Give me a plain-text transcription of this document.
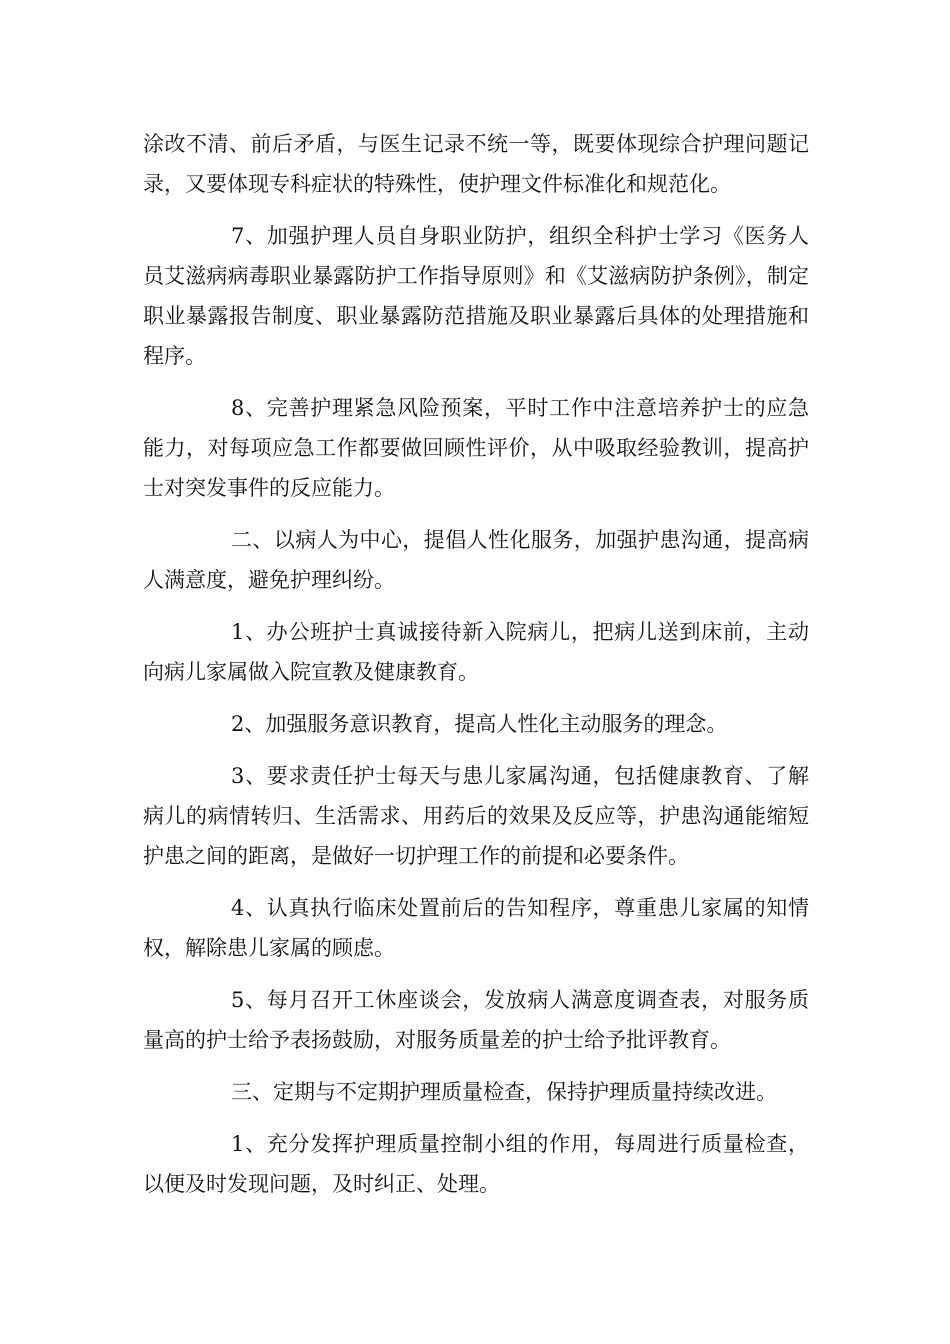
涂改不清、前后矛盾，与医生记录不统一等，既要体现综合护理问题记录，又要体现专科症状的特殊性，使护理文件标准化和规范化。

7、加强护理人员自身职业防护，组织全科护士学习《医务人员艾滋病病毒职业暴露防护工作指导原则》和《艾滋病防护条例》，制定职业暴露报告制度、职业暴露防范措施及职业暴露后具体的处理措施和程序。

8、完善护理紧急风险预案，平时工作中注意培养护士的应急能力，对每项应急工作都要做回顾性评价，从中吸取经验教训，提高护士对突发事件的反应能力。

二、以病人为中心，提倡人性化服务，加强护患沟通，提高病人满意度，避免护理纠纷。

1、办公班护士真诚接待新入院病儿，把病儿送到床前，主动向病儿家属做入院宣教及健康教育。

2、加强服务意识教育，提高人性化主动服务的理念。

3、要求责任护士每天与患儿家属沟通，包括健康教育、了解病儿的病情转归、生活需求、用药后的效果及反应等，护患沟通能缩短护患之间的距离，是做好一切护理工作的前提和必要条件。

4、认真执行临床处置前后的告知程序，尊重患儿家属的知情权，解除患儿家属的顾虑。

5、每月召开工休座谈会，发放病人满意度调查表，对服务质量高的护士给予表扬鼓励，对服务质量差的护士给予批评教育。

三、定期与不定期护理质量检查，保持护理质量持续改进。

1、充分发挥护理质量控制小组的作用，每周进行质量检查，以便及时发现问题，及时纠正、处理。
